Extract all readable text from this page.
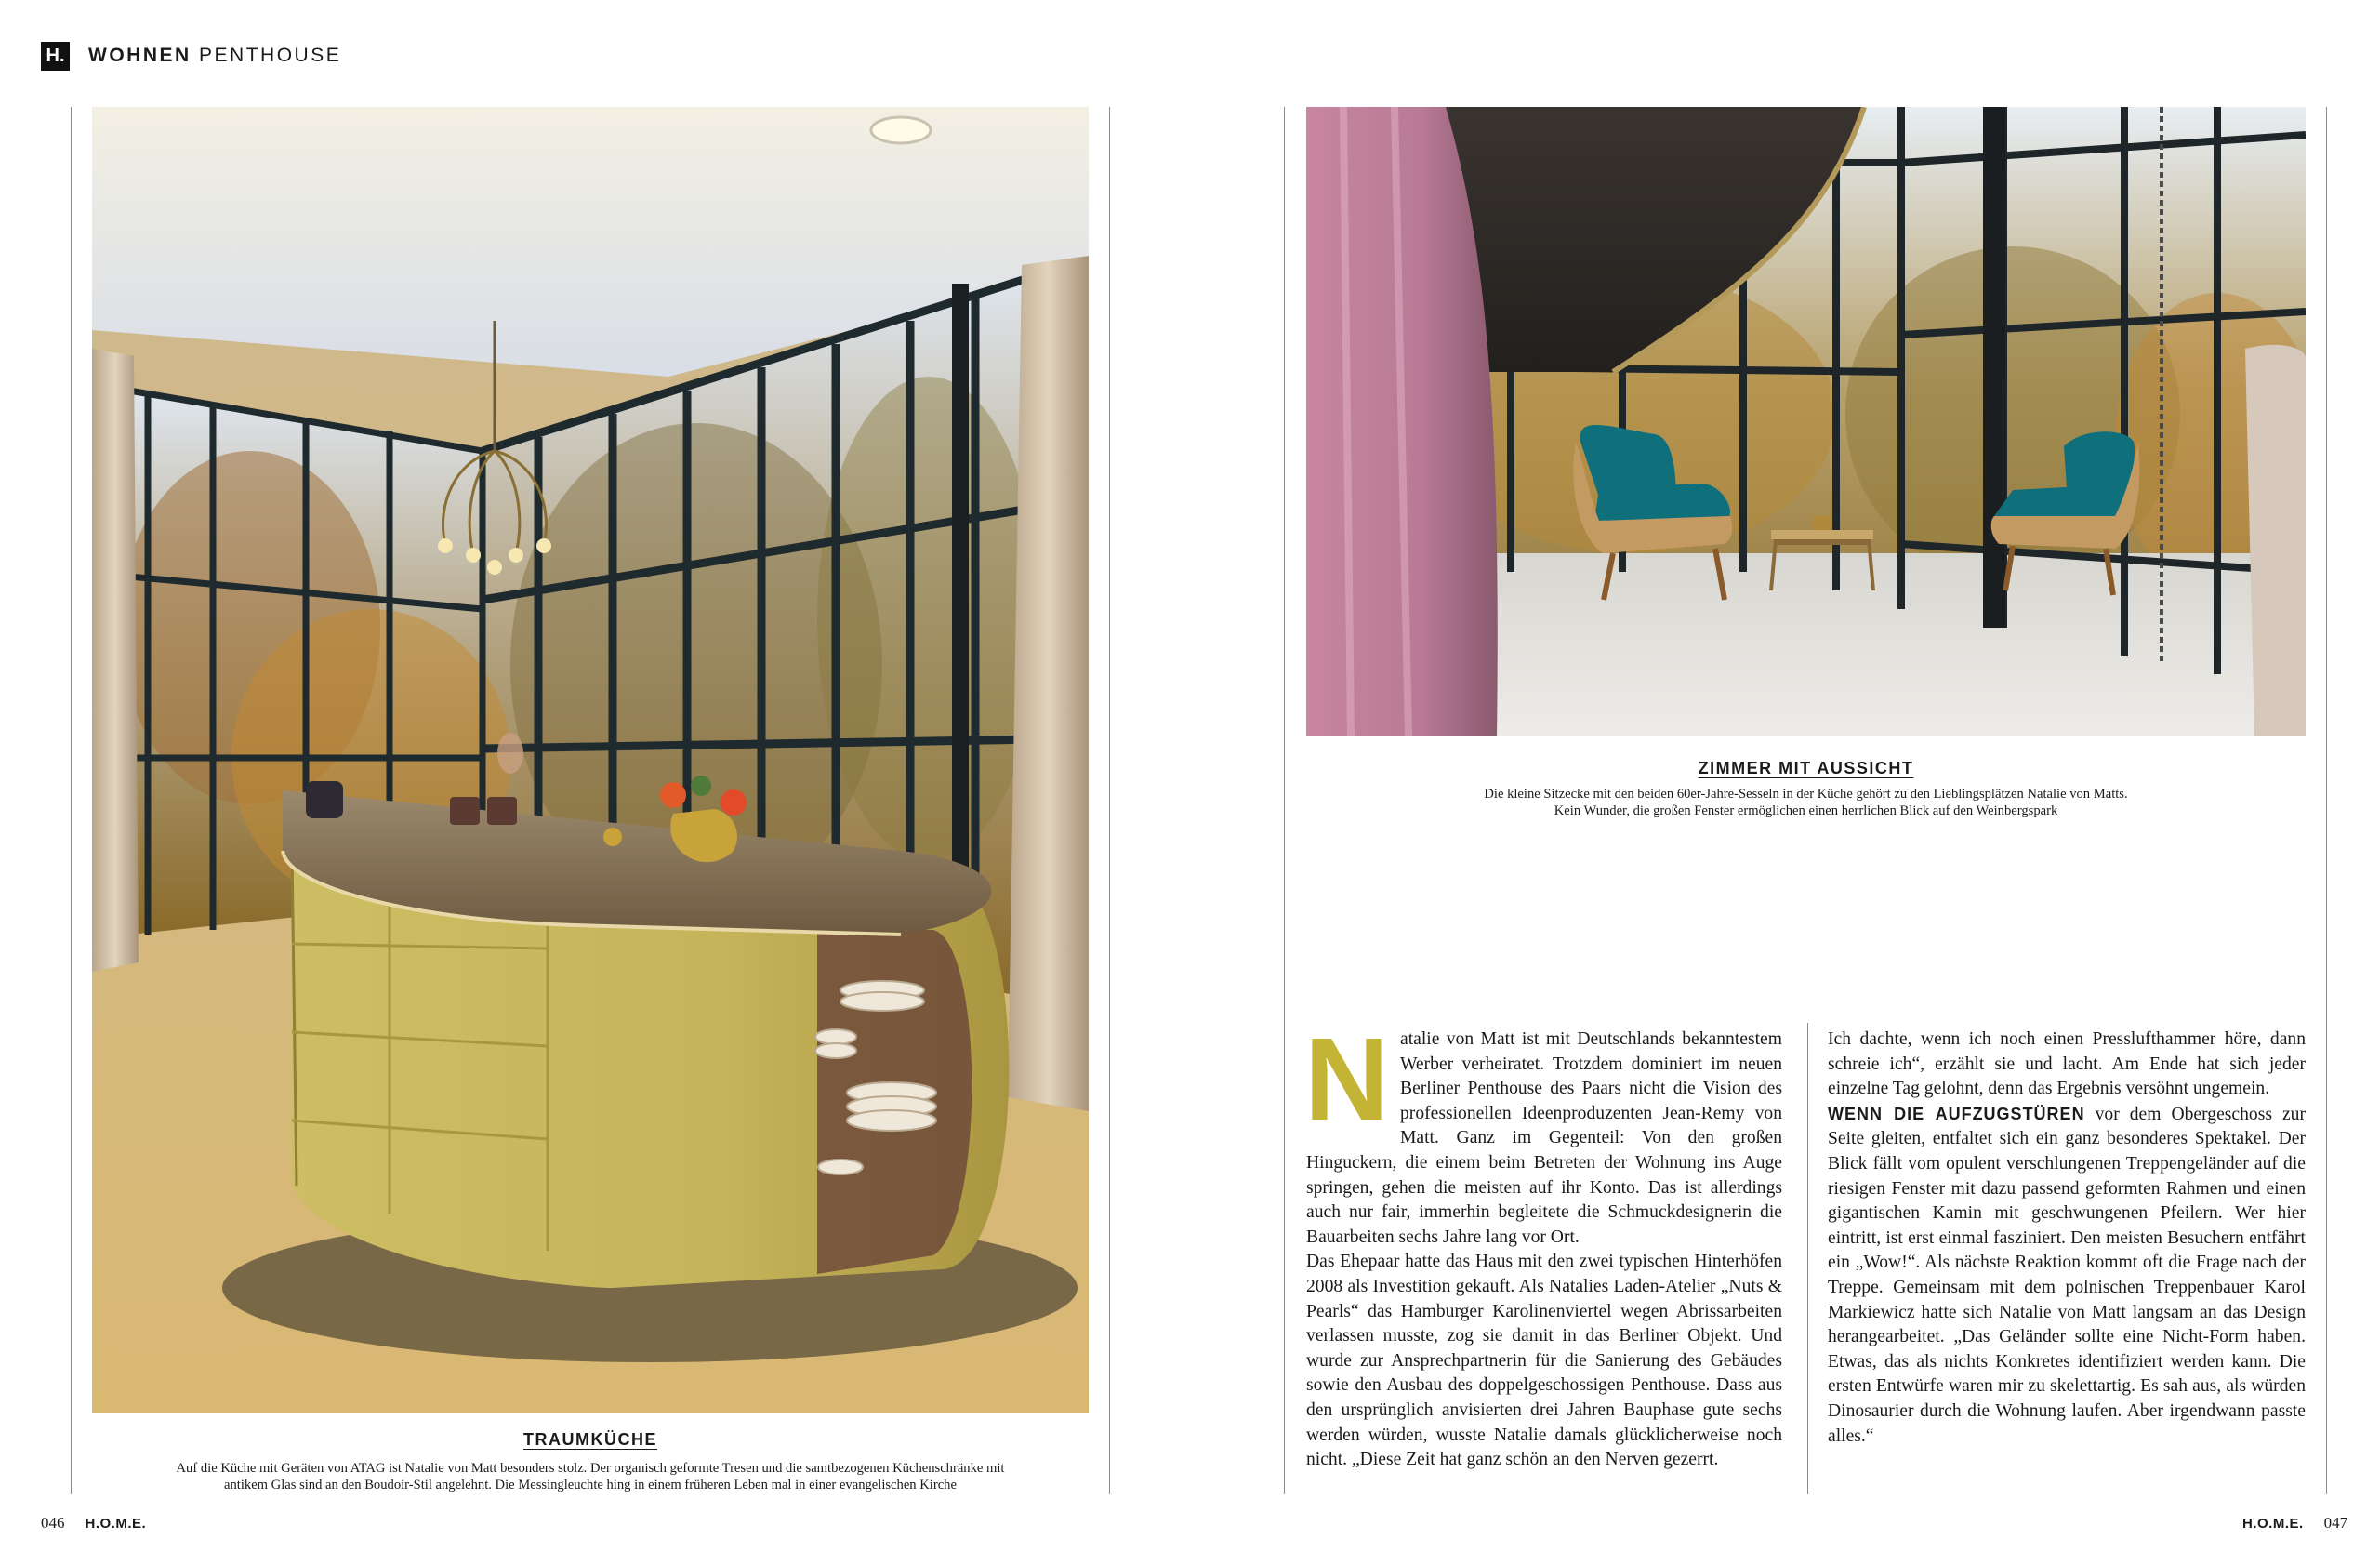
H. WOHNEN PENTHOUSE
TRAUMKÜCHE
Auf die Küche mit Geräten von ATAG ist Natalie von Matt besonders stolz. Der organisch geformte Tresen und die samtbezogenen Küchenschränke mit
antikem Glas sind an den Boudoir-Stil angelehnt. Die Messingleuchte hing in einem früheren Leben mal in einer evangelischen Kirche
ZIMMER MIT AUSSICHT
Die kleine Sitzecke mit den beiden 60er-Jahre-Sesseln in der Küche gehört zu den Lieblingsplätzen Natalie von Matts.
Kein Wunder, die großen Fenster ermöglichen einen herrlichen Blick auf den Weinbergspark
N atalie von Matt ist mit Deutschlands bekanntestem Werber verheiratet. Trotzdem dominiert im neuen Berliner Penthouse des Paars nicht die Vision des professionellen Ideenproduzenten Jean-Remy von Matt. Ganz im Gegenteil: Von den großen Hinguckern, die einem beim Betreten der Wohnung ins Auge springen, gehen die meisten auf ihr Konto. Das ist allerdings auch nur fair, immerhin begleitete die Schmuckdesignerin die Bauarbeiten sechs Jahre lang vor Ort.

Das Ehepaar hatte das Haus mit den zwei typischen Hinterhöfen 2008 als Investition gekauft. Als Natalies Laden-Atelier „Nuts & Pearls“ das Hamburger Karolinenviertel wegen Abrissarbeiten verlassen musste, zog sie damit in das Berliner Objekt. Und wurde zur Ansprechpartnerin für die Sanierung des Gebäudes sowie den Ausbau des doppelgeschossigen Penthouse. Dass aus den ursprünglich anvisierten drei Jahren Bauphase gute sechs werden würden, wusste Natalie damals glücklicherweise noch nicht. „Diese Zeit hat ganz schön an den Nerven gezerrt.

Ich dachte, wenn ich noch einen Presslufthammer höre, dann schreie ich“, erzählt sie und lacht. Am Ende hat sich jeder einzelne Tag gelohnt, denn das Ergebnis versöhnt ungemein.

WENN DIE AUFZUGSTÜREN vor dem Obergeschoss zur Seite gleiten, entfaltet sich ein ganz besonderes Spektakel. Der Blick fällt vom opulent verschlungenen Treppengeländer auf die riesigen Fenster mit dazu passend geformten Rahmen und einen gigantischen Kamin mit geschwungenen Pfeilern. Wer hier eintritt, ist erst einmal fasziniert. Den meisten Besuchern entfährt ein „Wow!“. Als nächste Reaktion kommt oft die Frage nach der Treppe. Gemeinsam mit dem polnischen Treppenbauer Karol Markiewicz hatte sich Natalie von Matt langsam an das Design herangearbeitet. „Das Geländer sollte eine Nicht-Form haben. Etwas, das als nichts Konkretes identifiziert werden kann. Die ersten Entwürfe waren mir zu skelettartig. Es sah aus, als würden Dinosaurier durch die Wohnung laufen. Aber irgendwann passte alles.“

046 H.O.M.E.	H.O.M.E. 047
